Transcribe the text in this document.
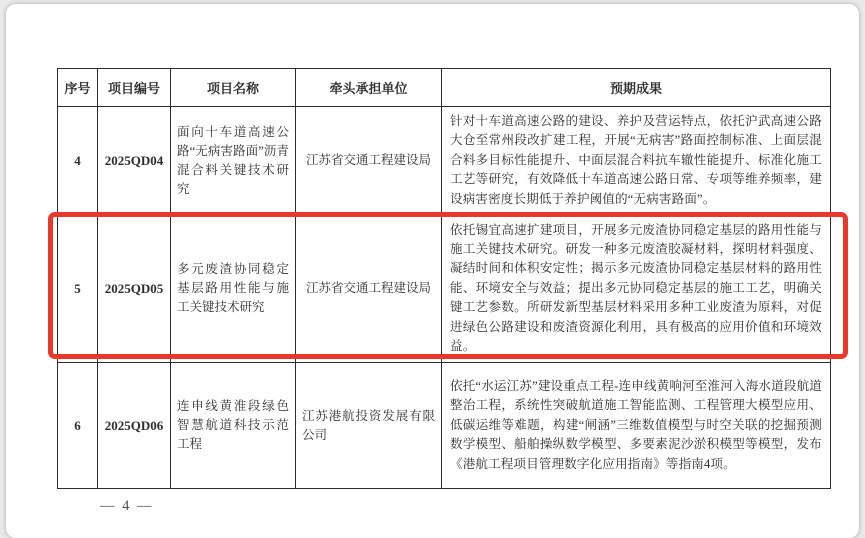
序号	项目编号	项目名称	牵头承担单位	预期成果
4	2025QD04	面向十车道高速公路“无病害路面”沥青混合料关键技术研究	江苏省交通工程建设局	针对十车道高速公路的建设、养护及营运特点，依托沪武高速公路大仓至常州段改扩建工程，开展“无病害”路面控制标准、上面层混合料多目标性能提升、中面层混合料抗车辙性能提升、标准化施工工艺等研究，有效降低十车道高速公路日常、专项等维养频率，建设病害密度长期低于养护阈值的“无病害路面”。
5	2025QD05	多元废渣协同稳定基层路用性能与施工关键技术研究	江苏省交通工程建设局	依托锡宜高速扩建项目，开展多元废渣协同稳定基层的路用性能与施工关键技术研究。研发一种多元废渣胶凝材料，探明材料强度、凝结时间和体积安定性；揭示多元废渣协同稳定基层材料的路用性能、环境安全与效益；提出多元协同稳定基层的施工工艺，明确关键工艺参数。所研发新型基层材料采用多种工业废渣为原料，对促进绿色公路建设和废渣资源化利用，具有极高的应用价值和环境效益。
6	2025QD06	连申线黄淮段绿色智慧航道科技示范工程	江苏港航投资发展有限公司	依托“水运江苏”建设重点工程-连申线黄响河至淮河入海水道段航道整治工程，系统性突破航道施工智能监测、工程管理大模型应用、低碳运维等难题，构建“闸涵”三维数值模型与时空关联的挖掘预测数学模型、船舶操纵数学模型、多要素泥沙淤积模型等模型，发布《港航工程项目管理数字化应用指南》等指南4项。
— 4 —
